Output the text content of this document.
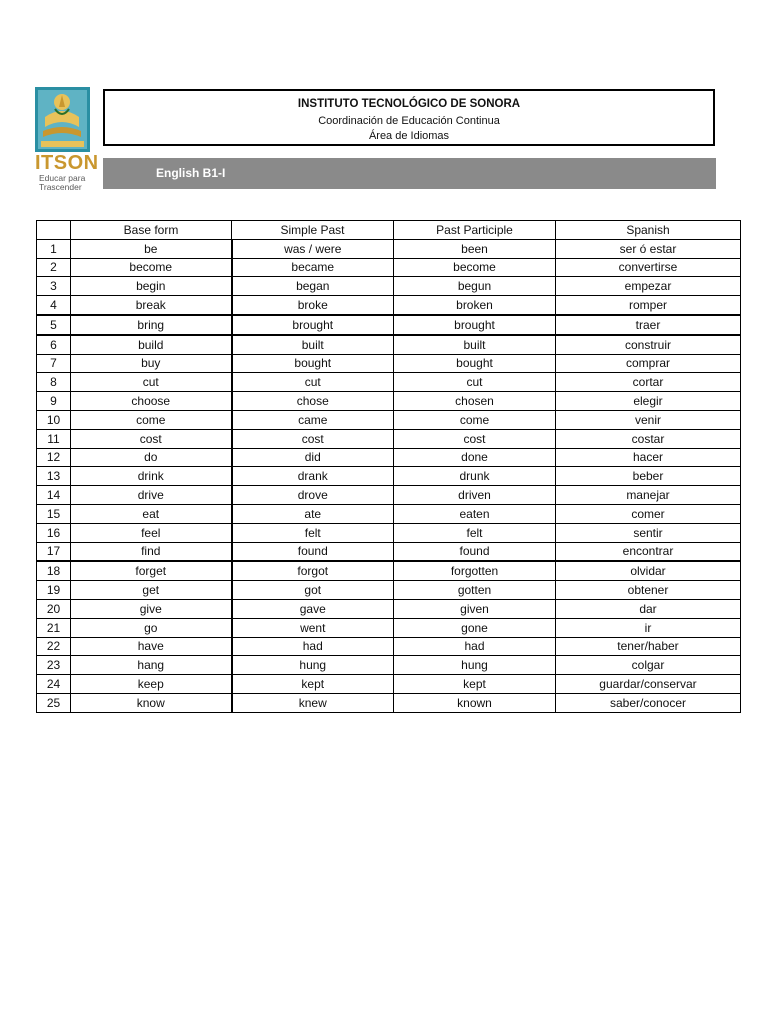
ITSON
Educar para
Trascender
INSTITUTO TECNOLÓGICO DE SONORA
Coordinación de Educación Continua
Área de Idiomas
English B1-I
	Base form	Simple Past	Past Participle	Spanish
1	be	was / were	been	ser ó estar
2	become	became	become	convertirse
3	begin	began	begun	empezar
4	break	broke	broken	romper
5	bring	brought	brought	traer
6	build	built	built	construir
7	buy	bought	bought	comprar
8	cut	cut	cut	cortar
9	choose	chose	chosen	elegir
10	come	came	come	venir
11	cost	cost	cost	costar
12	do	did	done	hacer
13	drink	drank	drunk	beber
14	drive	drove	driven	manejar
15	eat	ate	eaten	comer
16	feel	felt	felt	sentir
17	find	found	found	encontrar
18	forget	forgot	forgotten	olvidar
19	get	got	gotten	obtener
20	give	gave	given	dar
21	go	went	gone	ir
22	have	had	had	tener/haber
23	hang	hung	hung	colgar
24	keep	kept	kept	guardar/conservar
25	know	knew	known	saber/conocer
